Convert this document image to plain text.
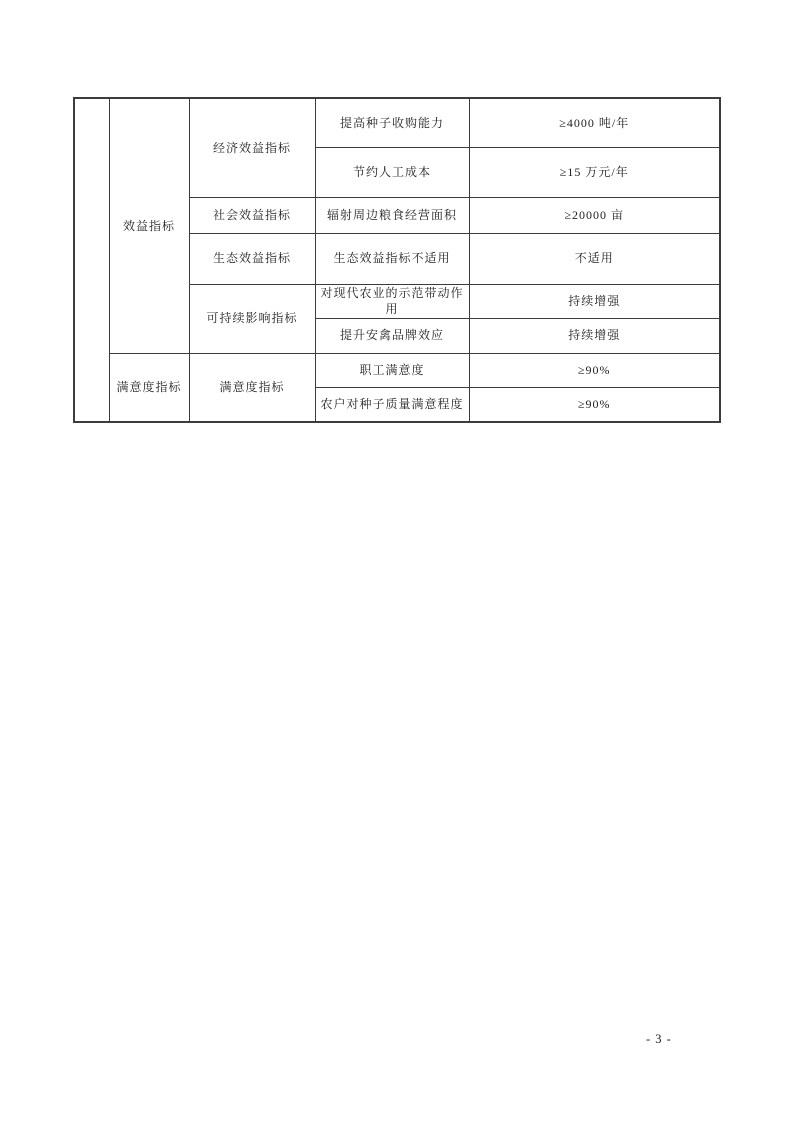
	效益指标	经济效益指标	提高种子收购能力	≥4000 吨/年
			节约人工成本	≥15 万元/年
		社会效益指标	辐射周边粮食经营面积	≥20000 亩
		生态效益指标	生态效益指标不适用	不适用
		可持续影响指标	对现代农业的示范带动作用	持续增强
			提升安禽品牌效应	持续增强
	满意度指标	满意度指标	职工满意度	≥90%
			农户对种子质量满意程度	≥90%
- 3 -
